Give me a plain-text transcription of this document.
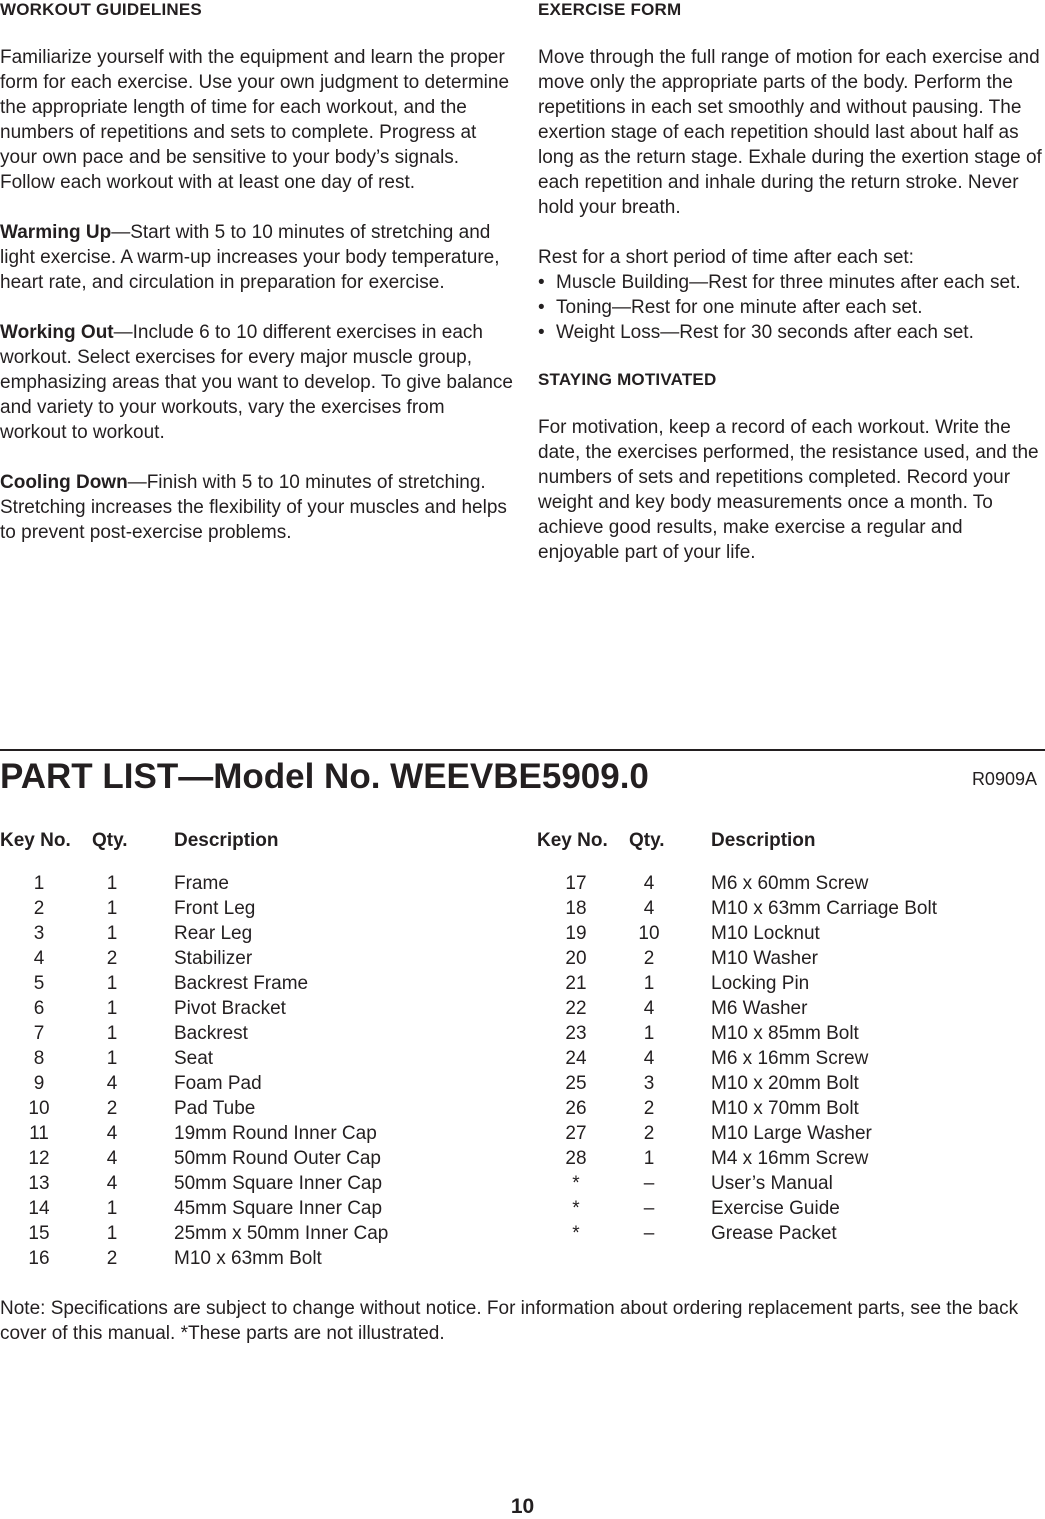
WORKOUT GUIDELINES

Familiarize yourself with the equipment and learn the proper form for each exercise. Use your own judgment to determine the appropriate length of time for each workout, and the numbers of repetitions and sets to complete. Progress at your own pace and be sensitive to your body’s signals. Follow each workout with at least one day of rest.

Warming Up—Start with 5 to 10 minutes of stretching and light exercise. A warm-up increases your body temperature, heart rate, and circulation in preparation for exercise.

Working Out—Include 6 to 10 different exercises in each workout. Select exercises for every major muscle group, emphasizing areas that you want to develop. To give balance and variety to your workouts, vary the exercises from workout to workout.

Cooling Down—Finish with 5 to 10 minutes of stretching. Stretching increases the flexibility of your muscles and helps to prevent post-exercise problems.

EXERCISE FORM

Move through the full range of motion for each exercise and move only the appropriate parts of the body. Perform the repetitions in each set smoothly and without pausing. The exertion stage of each repetition should last about half as long as the return stage. Exhale during the exertion stage of each repetition and inhale during the return stroke. Never hold your breath.

Rest for a short period of time after each set:

• Muscle Building—Rest for three minutes after each set.
• Toning—Rest for one minute after each set.
• Weight Loss—Rest for 30 seconds after each set.
STAYING MOTIVATED

For motivation, keep a record of each workout. Write the date, the exercises performed, the resistance used, and the numbers of sets and repetitions completed. Record your weight and key body measurements once a month. To achieve good results, make exercise a regular and enjoyable part of your life.

PART LIST—Model No. WEEVBE5909.0	R0909A
Key No. Qty. Description
1	1	Frame
2	1	Front Leg
3	1	Rear Leg
4	2	Stabilizer
5	1	Backrest Frame
6	1	Pivot Bracket
7	1	Backrest
8	1	Seat
9	4	Foam Pad
10	2	Pad Tube
11	4	19mm Round Inner Cap
12	4	50mm Round Outer Cap
13	4	50mm Square Inner Cap
14	1	45mm Square Inner Cap
15	1	25mm x 50mm Inner Cap
16	2	M10 x 63mm Bolt
Key No. Qty. Description
17	4	M6 x 60mm Screw
18	4	M10 x 63mm Carriage Bolt
19	10	M10 Locknut
20	2	M10 Washer
21	1	Locking Pin
22	4	M6 Washer
23	1	M10 x 85mm Bolt
24	4	M6 x 16mm Screw
25	3	M10 x 20mm Bolt
26	2	M10 x 70mm Bolt
27	2	M10 Large Washer
28	1	M4 x 16mm Screw
*	–	User’s Manual
*	–	Exercise Guide
*	–	Grease Packet
Note: Specifications are subject to change without notice. For information about ordering replacement parts, see the back cover of this manual. *These parts are not illustrated.
10
